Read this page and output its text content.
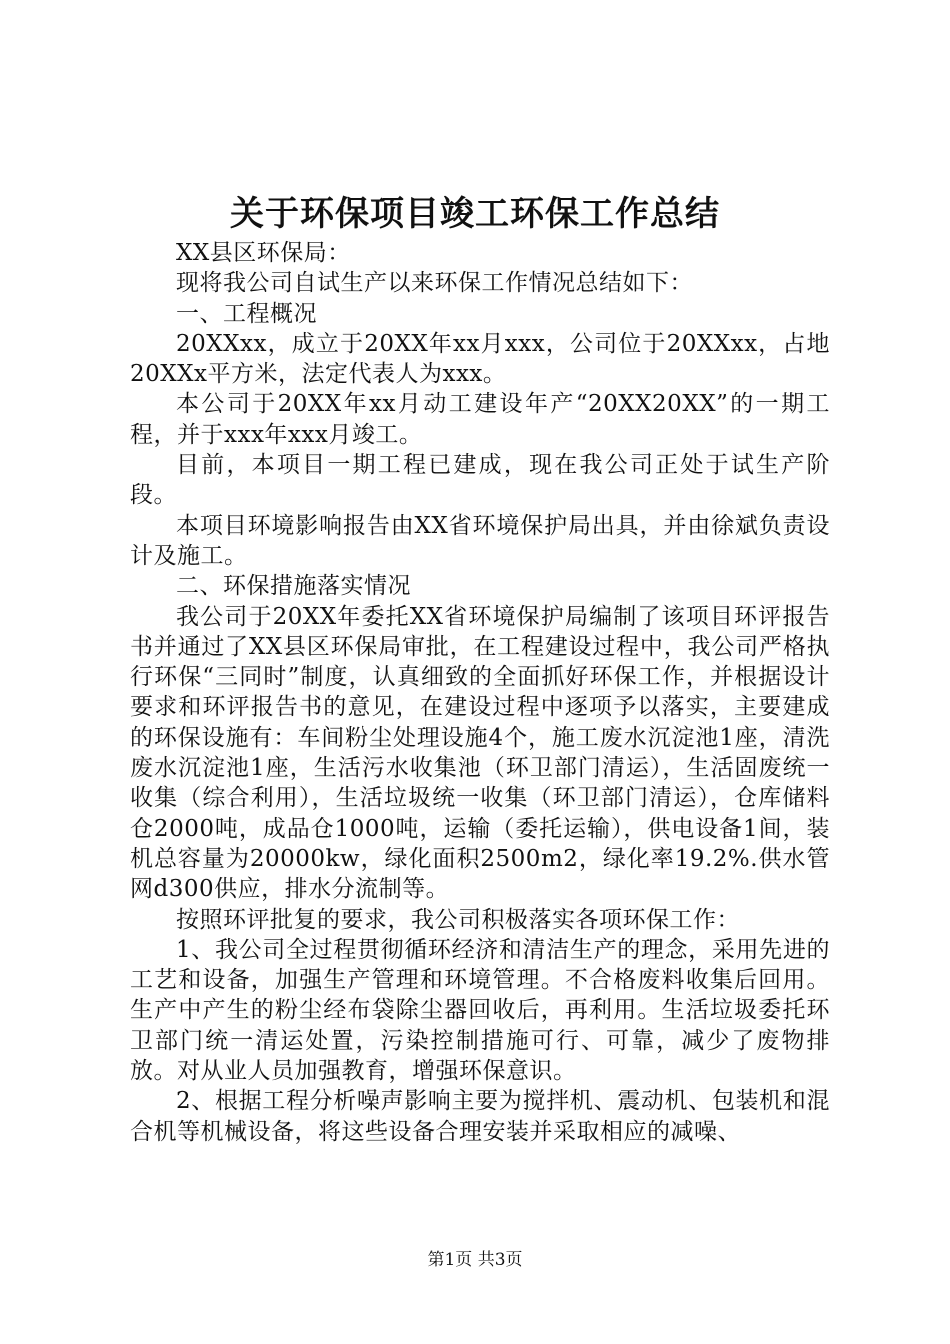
关于环保项目竣工环保工作总结

XX县区环保局：

现将我公司自试生产以来环保工作情况总结如下：

一、工程概况

20XXxx，成立于20XX年xx月xxx，公司位于20XXxx，占地20XXx平方米，法定代表人为xxx。

本公司于20XX年xx月动工建设年产“20XX20XX”的一期工程，并于xxx年xxx月竣工。

目前，本项目一期工程已建成，现在我公司正处于试生产阶段。

本项目环境影响报告由XX省环境保护局出具，并由徐斌负责设计及施工。

二、环保措施落实情况

我公司于20XX年委托XX省环境保护局编制了该项目环评报告书并通过了XX县区环保局审批，在工程建设过程中，我公司严格执行环保“三同时”制度，认真细致的全面抓好环保工作，并根据设计要求和环评报告书的意见，在建设过程中逐项予以落实，主要建成的环保设施有：车间粉尘处理设施4个，施工废水沉淀池1座，清洗废水沉淀池1座，生活污水收集池（环卫部门清运），生活固废统一收集（综合利用），生活垃圾统一收集（环卫部门清运），仓库储料仓2000吨，成品仓1000吨，运输（委托运输），供电设备1间，装机总容量为20000kw，绿化面积2500m2，绿化率19.2%.供水管网d300供应，排水分流制等。

按照环评批复的要求，我公司积极落实各项环保工作：

1、我公司全过程贯彻循环经济和清洁生产的理念，采用先进的工艺和设备，加强生产管理和环境管理。不合格废料收集后回用。生产中产生的粉尘经布袋除尘器回收后，再利用。生活垃圾委托环卫部门统一清运处置，污染控制措施可行、可靠，减少了废物排放。对从业人员加强教育，增强环保意识。

2、根据工程分析噪声影响主要为搅拌机、震动机、包装机和混合机等机械设备，将这些设备合理安装并采取相应的减噪、

第1页 共3页
